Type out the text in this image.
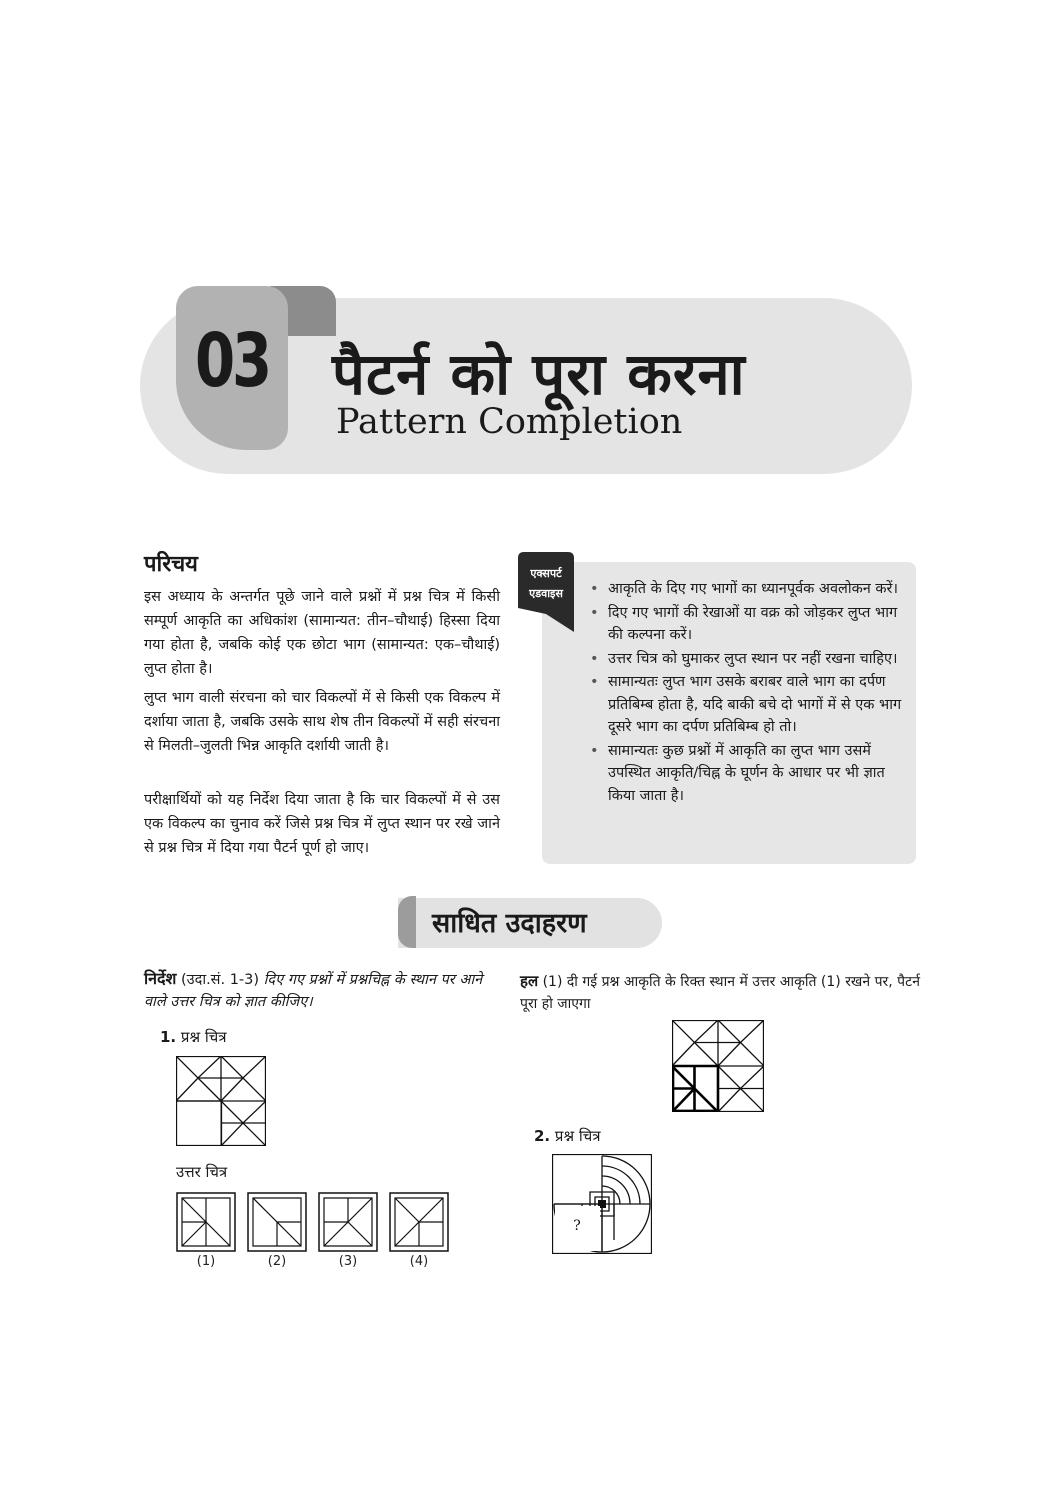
03 पैटर्न को पूरा करना
Pattern Completion
परिचय

इस अध्याय के अन्तर्गत पूछे जाने वाले प्रश्नों में प्रश्न चित्र में किसी सम्पूर्ण आकृति का अधिकांश (सामान्यत: तीन–चौथाई) हिस्सा दिया गया होता है, जबकि कोई एक छोटा भाग (सामान्यत: एक–चौथाई) लुप्त होता है।

लुप्त भाग वाली संरचना को चार विकल्पों में से किसी एक विकल्प में दर्शाया जाता है, जबकि उसके साथ शेष तीन विकल्पों में सही संरचना से मिलती–जुलती भिन्न आकृति दर्शायी जाती है।

परीक्षार्थियों को यह निर्देश दिया जाता है कि चार विकल्पों में से उस एक विकल्प का चुनाव करें जिसे प्रश्न चित्र में लुप्त स्थान पर रखे जाने से प्रश्न चित्र में दिया गया पैटर्न पूर्ण हो जाए।

एक्सपर्ट
एडवाइस
•	आकृति के दिए गए भागों का ध्यानपूर्वक अवलोकन करें।
• दिए गए भागों की रेखाओं या वक्र को जोड़कर लुप्त भाग की कल्पना करें।
• उत्तर चित्र को घुमाकर लुप्त स्थान पर नहीं रखना चाहिए।
• सामान्यतः लुप्त भाग उसके बराबर वाले भाग का दर्पण प्रतिबिम्ब होता है, यदि बाकी बचे दो भागों में से एक भाग दूसरे भाग का दर्पण प्रतिबिम्ब हो तो।
• सामान्यतः कुछ प्रश्नों में आकृति का लुप्त भाग उसमें उपस्थित आकृति/चिह्न के घूर्णन के आधार पर भी ज्ञात किया जाता है।
साधित उदाहरण
निर्देश (उदा.सं. 1-3) दिए गए प्रश्नों में प्रश्नचिह्न के स्थान पर आने वाले उत्तर चित्र को ज्ञात कीजिए।
1. प्रश्न चित्र
उत्तर चित्र
(1)	(2)	(3)	(4)
हल (1) दी गई प्रश्न आकृति के रिक्त स्थान में उत्तर आकृति (1) रखने पर, पैटर्न पूरा हो जाएगा
2. प्रश्न चित्र
?
